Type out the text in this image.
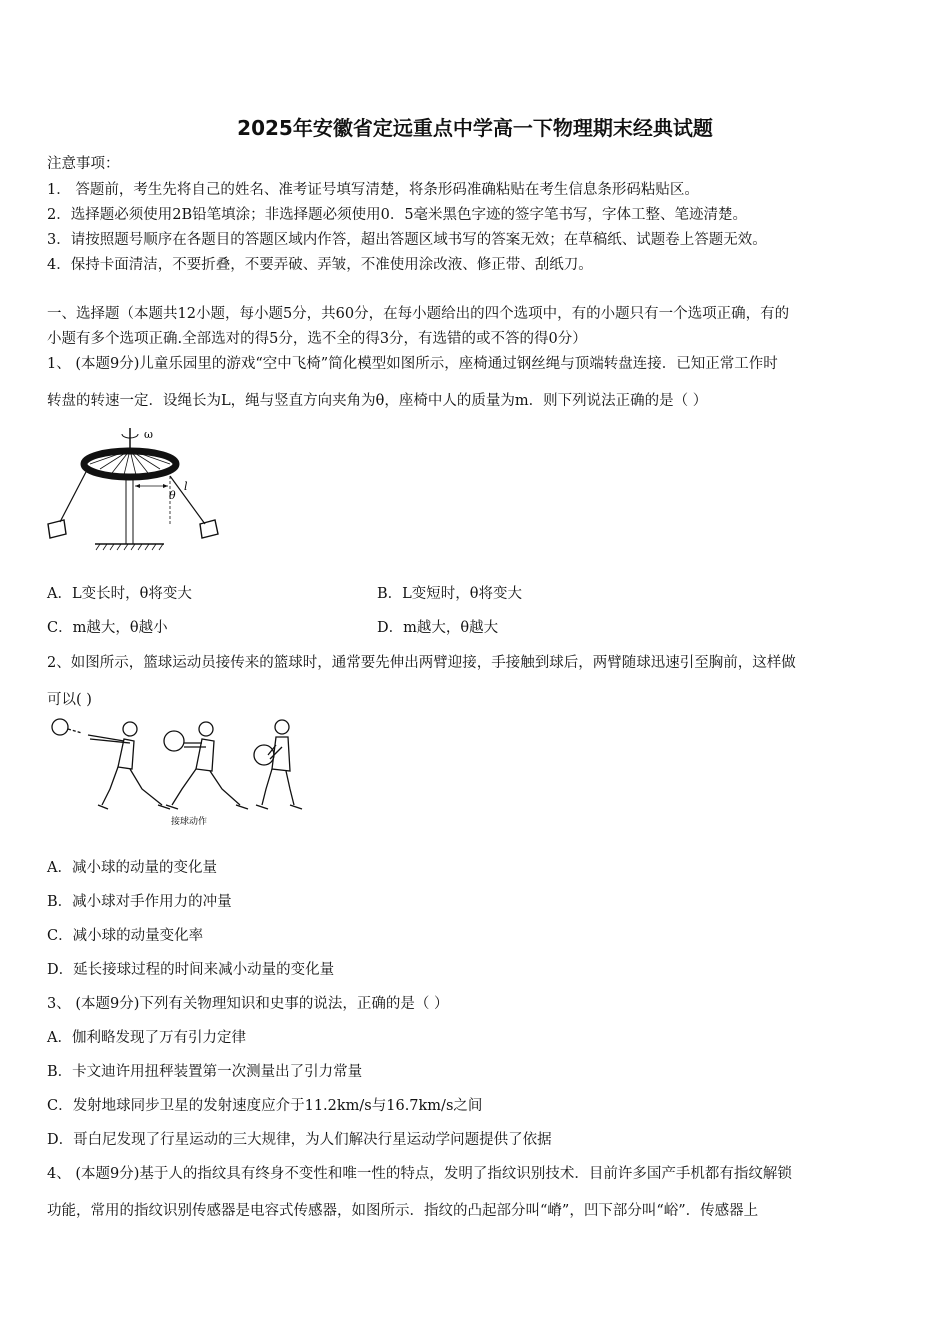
2025年安徽省定远重点中学高一下物理期末经典试题
注意事项：
1． 答题前，考生先将自己的姓名、准考证号填写清楚，将条形码准确粘贴在考生信息条形码粘贴区。
2．选择题必须使用2B铅笔填涂；非选择题必须使用0．5毫米黑色字迹的签字笔书写，字体工整、笔迹清楚。
3．请按照题号顺序在各题目的答题区域内作答，超出答题区域书写的答案无效；在草稿纸、试题卷上答题无效。
4．保持卡面清洁，不要折叠，不要弄破、弄皱，不准使用涂改液、修正带、刮纸刀。
一、选择题（本题共12小题，每小题5分，共60分，在每小题给出的四个选项中，有的小题只有一个选项正确，有的
小题有多个选项正确.全部选对的得5分，选不全的得3分，有选错的或不答的得0分）
1、 (本题9分)儿童乐园里的游戏“空中飞椅”简化模型如图所示，座椅通过钢丝绳与顶端转盘连接．已知正常工作时
转盘的转速一定．设绳长为L，绳与竖直方向夹角为θ，座椅中人的质量为m．则下列说法正确的是（ ）
ω
θ
l
A．L变长时，θ将变大	B．L变短时，θ将变大
C．m越大，θ越小	D．m越大，θ越大
2、如图所示，篮球运动员接传来的篮球时，通常要先伸出两臂迎接，手接触到球后，两臂随球迅速引至胸前，这样做
可以( )
接球动作
A．减小球的动量的变化量
B．减小球对手作用力的冲量
C．减小球的动量变化率
D．延长接球过程的时间来减小动量的变化量
3、 (本题9分)下列有关物理知识和史事的说法，正确的是（ ）
A．伽利略发现了万有引力定律
B．卡文迪许用扭秤装置第一次测量出了引力常量
C．发射地球同步卫星的发射速度应介于11.2km/s与16.7km/s之间
D．哥白尼发现了行星运动的三大规律，为人们解决行星运动学问题提供了依据
4、 (本题9分)基于人的指纹具有终身不变性和唯一性的特点，发明了指纹识别技术．目前许多国产手机都有指纹解锁
功能，常用的指纹识别传感器是电容式传感器，如图所示．指纹的凸起部分叫“嵴”，凹下部分叫“峪”．传感器上
